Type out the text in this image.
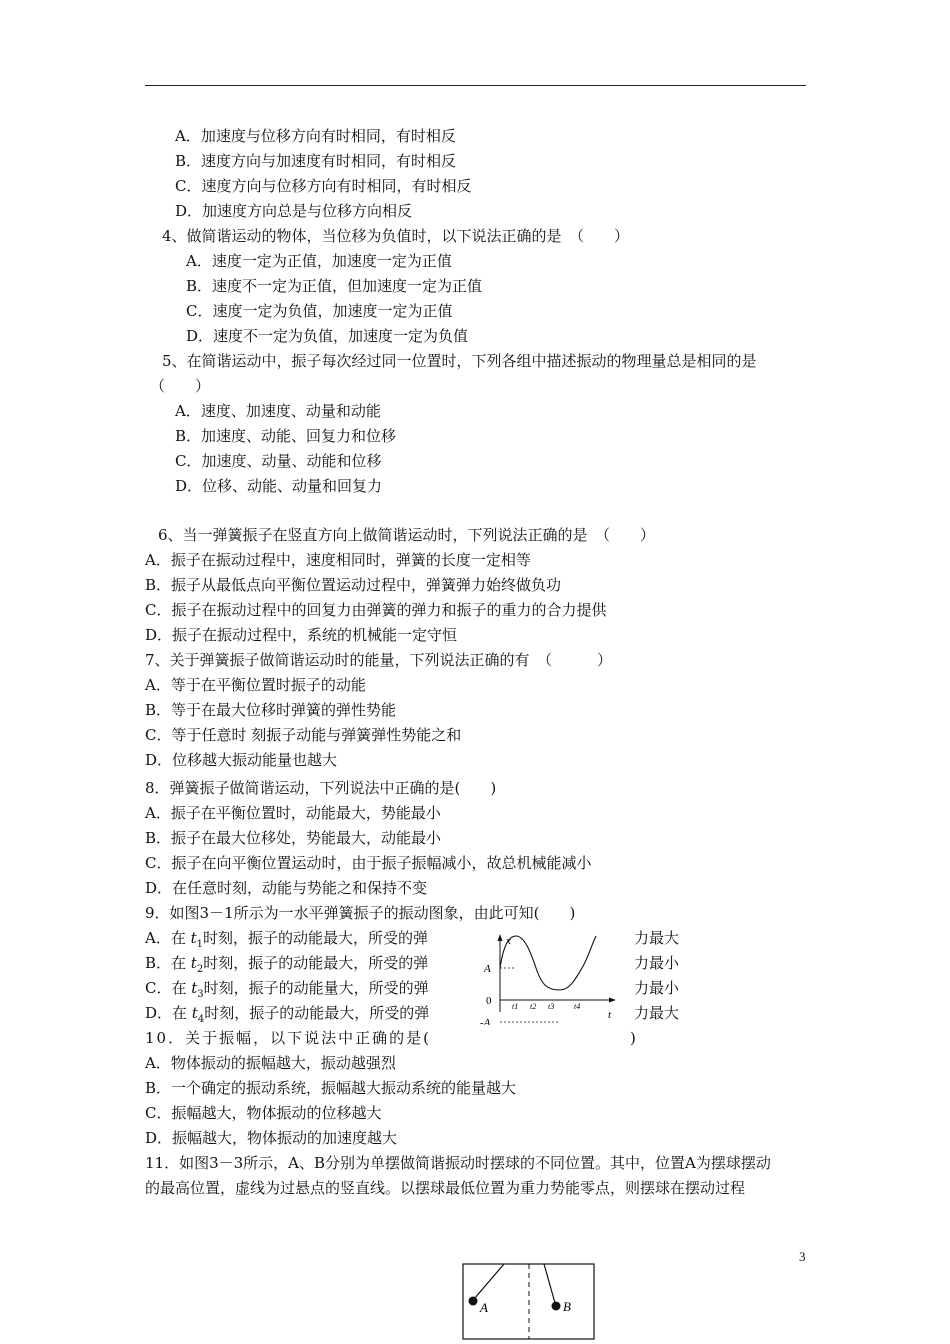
A．加速度与位移方向有时相同，有时相反
B．速度方向与加速度有时相同，有时相反
C．速度方向与位移方向有时相同，有时相反
D．加速度方向总是与位移方向相反
4、做简谐运动的物体，当位移为负值时，以下说法正确的是　（　　）
A．速度一定为正值，加速度一定为正值
B．速度不一定为正值，但加速度一定为正值
C．速度一定为负值，加速度一定为正值
D．速度不一定为负值，加速度一定为负值
5、在简谐运动中，振子每次经过同一位置时，下列各组中描述振动的物理量总是相同的是
（　　）
A．速度、加速度、动量和动能
B．加速度、动能、回复力和位移
C．加速度、动量、动能和位移
D．位移、动能、动量和回复力
6、当一弹簧振子在竖直方向上做简谐运动时，下列说法正确的是　（　　）
A．振子在振动过程中，速度相同时，弹簧的长度一定相等
B．振子从最低点向平衡位置运动过程中，弹簧弹力始终做负功
C．振子在振动过程中的回复力由弹簧的弹力和振子的重力的合力提供
D．振子在振动过程中，系统的机械能一定守恒
7、关于弹簧振子做简谐运动时的能量，下列说法正确的有　（　　　）
A．等于在平衡位置时振子的动能
B．等于在最大位移时弹簧的弹性势能
C．等于任意时 刻振子动能与弹簧弹性势能之和
D．位移越大振动能量也越大
8．弹簧振子做简谐运动，下列说法中正确的是(　　)
A．振子在平衡位置时，动能最大，势能最小
B．振子在最大位移处，势能最大，动能最小
C．振子在向平衡位置运动时，由于振子振幅减小，故总机械能减小
D．在任意时刻，动能与势能之和保持不变
9．如图3－1所示为一水平弹簧振子的振动图象，由此可知(　　)
A．在 $t_1$时刻，振子的动能最大，所受的弹	力最大
B．在 $t_2$时刻，振子的动能最大，所受的弹	力最小
C．在 $t_3$时刻，振子的动能量大，所受的弹	力最小
D．在 $t_4$时刻，振子的动能最大，所受的弹	力最大
x
t
A
0
-A
t1 t2 t3 t4
10．关于振幅，以下说法中正确的是(	)
A．物体振动的振幅越大，振动越强烈
B．一个确定的振动系统，振幅越大振动系统的能量越大
C．振幅越大，物体振动的位移越大
D．振幅越大，物体振动的加速度越大
11．如图3－3所示，A、B分别为单摆做简谐振动时摆球的不同位置。其中，位置A为摆球摆动
的最高位置，虚线为过悬点的竖直线。以摆球最低位置为重力势能零点，则摆球在摆动过程
3
A	B
